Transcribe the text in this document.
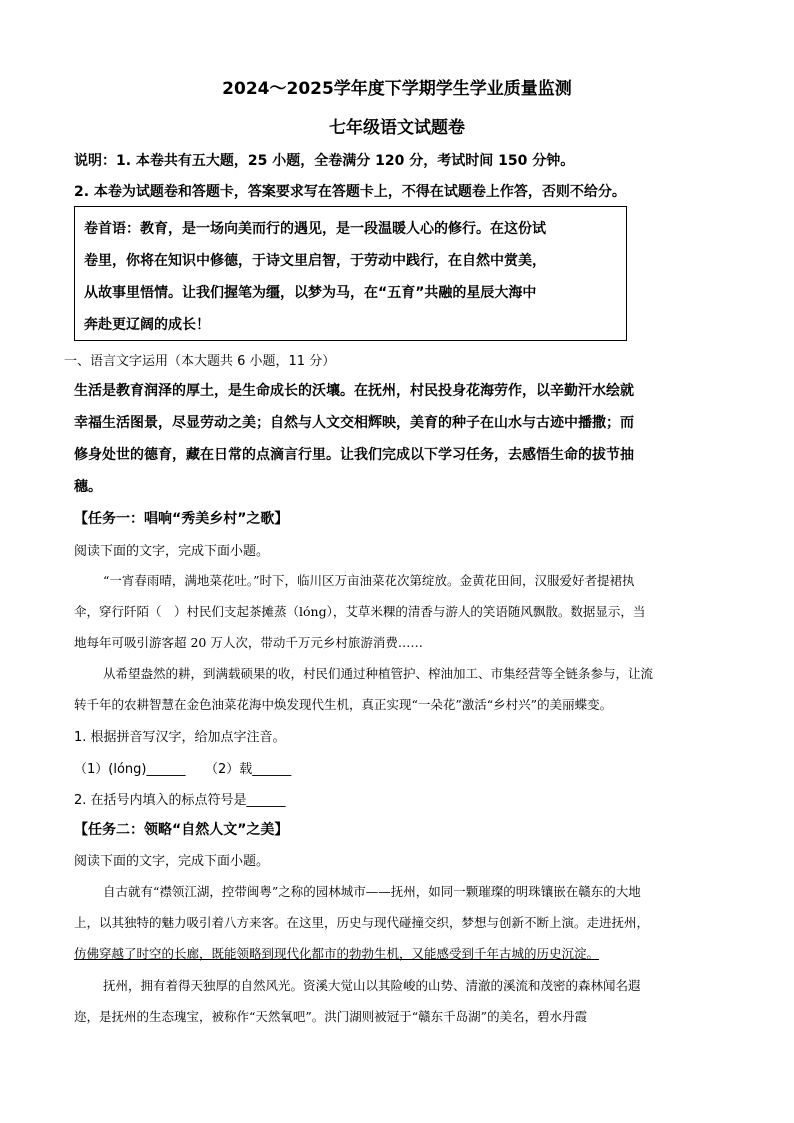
2024～2025学年度下学期学生学业质量监测
七年级语文试题卷
说明：1. 本卷共有五大题，25 小题，全卷满分 120 分，考试时间 150 分钟。
2. 本卷为试题卷和答题卡，答案要求写在答题卡上，不得在试题卷上作答，否则不给分。
卷首语：教育，是一场向美而行的遇见，是一段温暖人心的修行。在这份试
卷里，你将在知识中修德，于诗文里启智，于劳动中践行，在自然中赏美，
从故事里悟情。让我们握笔为缰，以梦为马，在“五育”共融的星辰大海中
奔赴更辽阔的成长！
一、语言文字运用（本大题共 6 小题，11 分）
生活是教育润泽的厚土，是生命成长的沃壤。在抚州，村民投身花海劳作，以辛勤汗水绘就
幸福生活图景，尽显劳动之美；自然与人文交相辉映，美育的种子在山水与古迹中播撒；而
修身处世的德育，藏在日常的点滴言行里。让我们完成以下学习任务，去感悟生命的拔节抽
穗。
【任务一：唱响“秀美乡村”之歌】
阅读下面的文字，完成下面小题。
“一宵春雨晴，满地菜花吐。”时下，临川区万亩油菜花次第绽放。金黄花田间，汉服爱好者提裙执
伞，穿行阡陌（　）村民们支起茶摊蒸（lóng），艾草米粿的清香与游人的笑语随风飘散。数据显示，当
地每年可吸引游客超 20 万人次，带动千万元乡村旅游消费……
从希望盎然的耕，到满载硕果的收，村民们通过种植管护、榨油加工、市集经营等全链条参与，让流
转千年的农耕智慧在金色油菜花海中焕发现代生机，真正实现“一朵花”激活“乡村兴”的美丽蝶变。
1. 根据拼音写汉字，给加点字注音。
（1）(lóng)______　　（2）载______
2. 在括号内填入的标点符号是______
【任务二：领略“自然人文”之美】
阅读下面的文字，完成下面小题。
自古就有“襟领江湖，控带闽粤”之称的园林城市——抚州，如同一颗璀璨的明珠镶嵌在赣东的大地
上，以其独特的魅力吸引着八方来客。在这里，历史与现代碰撞交织，梦想与创新不断上演。走进抚州，
仿佛穿越了时空的长廊，既能领略到现代化都市的勃勃生机，又能感受到千年古城的历史沉淀。
抚州，拥有着得天独厚的自然风光。资溪大觉山以其险峻的山势、清澈的溪流和茂密的森林闻名遐
迩，是抚州的生态瑰宝，被称作“天然氧吧”。洪门湖则被冠于“赣东千岛湖”的美名，碧水丹霞
